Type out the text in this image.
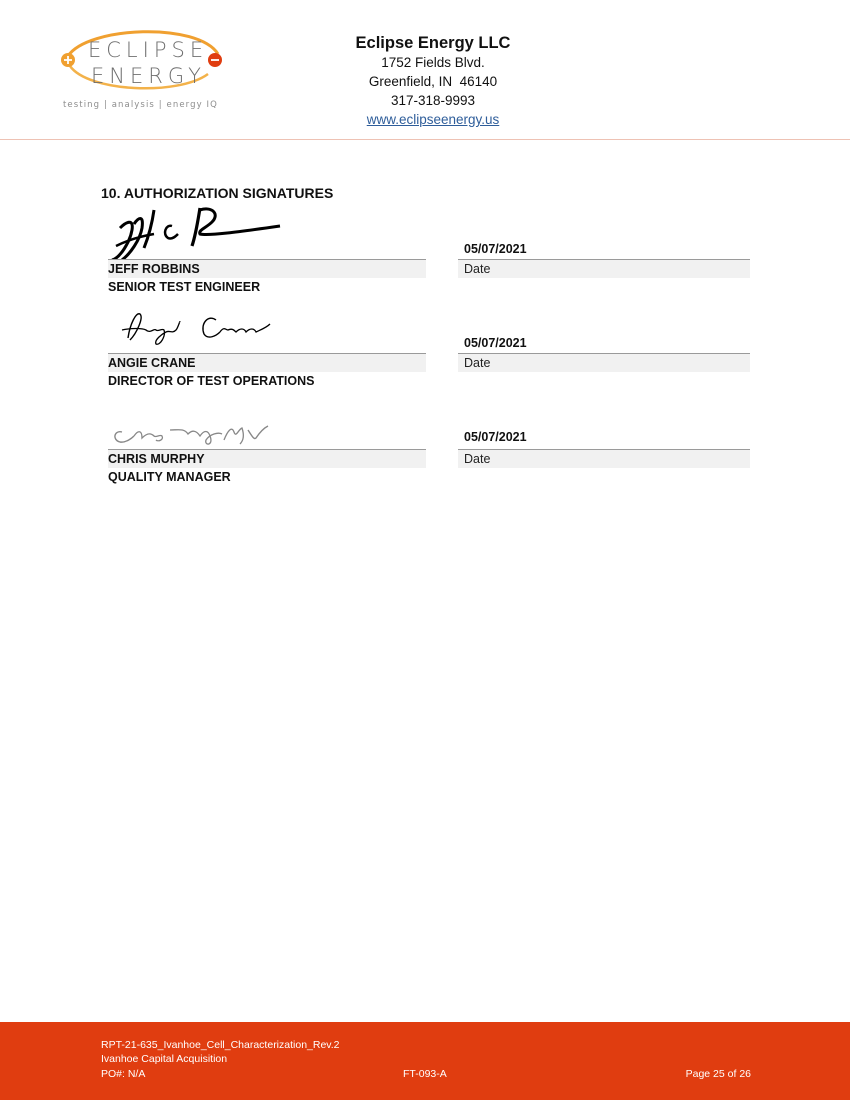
ECLIPSE
ENERGY
testing | analysis | energy IQ
Eclipse Energy LLC
1752 Fields Blvd.
Greenfield, IN  46140
317-318-9993
www.eclipseenergy.us
10. AUTHORIZATION SIGNATURES
JEFF ROBBINS
SENIOR TEST ENGINEER
05/07/2021
Date
ANGIE CRANE
DIRECTOR OF TEST OPERATIONS
05/07/2021
Date
CHRIS MURPHY
QUALITY MANAGER
05/07/2021
Date
RPT-21-635_Ivanhoe_Cell_Characterization_Rev.2
Ivanhoe Capital Acquisition
PO#: N/A	FT-093-A	Page 25 of 26
